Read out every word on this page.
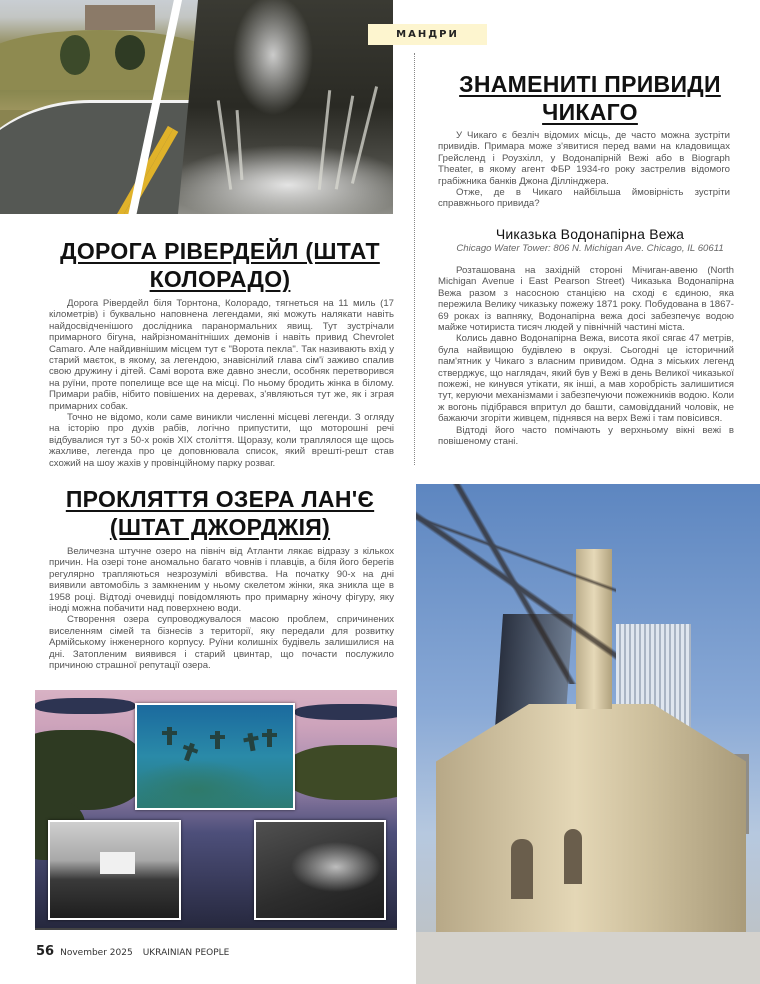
МАНДРИ
ЗНАМЕНИТІ ПРИВИДИ ЧИКАГО

У Чикаго є безліч відомих місць, де часто можна зустріти привидів. Примара може з'явитися перед вами на кладовищах Грейсленд і Роузхілл, у Водонапірній Вежі або в Biograph Theater, в якому агент ФБР 1934-го року застрелив відомого грабіжника банків Джона Діллінджера.

Отже, де в Чикаго найбільша ймовірність зустріти справжнього привида?

Чиказька Водонапірна Вежа
Chicago Water Tower: 806 N. Michigan Ave. Chicago, IL 60611

Розташована на західній стороні Мічиган-авеню (North Michigan Avenue і East Pearson Street) Чиказька Водонапірна Вежа разом з насосною станцією на сході є єдиною, яка пережила Велику чиказьку пожежу 1871 року. Побудована в 1867-69 роках із вапняку, Водонапірна вежа досі забезпечує водою майже чотириста тисяч людей у північній частині міста.

Колись давно Водонапірна Вежа, висота якої сягає 47 метрів, була найвищою будівлею в окрузі. Сьогодні це історичний пам'ятник у Чикаго з власним привидом. Одна з міських легенд стверджує, що наглядач, який був у Вежі в день Великої чиказької пожежі, не кинувся утікати, як інші, а мав хоробрість залишитися тут, керуючи механізмами і забезпечуючи пожежників водою. Коли ж вогонь підібрався впритул до башти, самовідданий чоловік, не бажаючи згоріти живцем, піднявся на верх Вежі і там повісився.

Відтоді його часто помічають у верхньому вікні вежі в повішеному стані.

ДОРОГА РІВЕРДЕЙЛ (ШТАТ КОЛОРАДО)

Дорога Рівердейл біля Торнтона, Колорадо, тягнеться на 11 миль (17 кілометрів) і буквально наповнена легендами, які можуть налякати навіть найдосвідченішого дослідника паранормальних явищ. Тут зустрічали примарного бігуна, найрізноманітніших демонів і навіть привид Chevrolet Camaro. Але найдивнішим місцем тут є "Ворота пекла". Так називають вхід у старий маєток, в якому, за легендою, знавіснілий глава сім'ї заживо спалив свою дружину і дітей. Самі ворота вже давно знесли, особняк перетворився на руїни, проте попелище все ще на місці. По ньому бродить жінка в білому. Примари рабів, нібито повішених на деревах, з'являються тут же, як і зграя примарних собак.

Точно не відомо, коли саме виникли численні місцеві легенди. З огляду на історію про духів рабів, логічно припустити, що моторошні речі відбувалися тут з 50-х років XIX століття. Щоразу, коли траплялося ще щось жахливе, легенда про це доповнювала список, який врешті-решт став схожий на шоу жахів у провінційному парку розваг.

ПРОКЛЯТТЯ ОЗЕРА ЛАН'Є (ШТАТ ДЖОРДЖІЯ)

Величезна штучне озеро на північ від Атланти лякає відразу з кількох причин. На озері тоне аномально багато човнів і плавців, а біля його берегів регулярно трапляються незрозумілі вбивства. На початку 90-х на дні виявили автомобіль з замкненим у ньому скелетом жінки, яка зникла ще в 1958 році. Відтоді очевидці повідомляють про примарну жіночу фігуру, яку іноді можна побачити над поверхнею води.

Створення озера супроводжувалося масою проблем, спричинених виселенням сімей та бізнесів з території, яку передали для розвитку Армійському інженерного корпусу. Руїни колишніх будівель залишилися на дні. Затопленим виявився і старий цвинтар, що почасти послужило причиною страшної репутації озера.

56 November 2025 UKRAINIAN PEOPLE
